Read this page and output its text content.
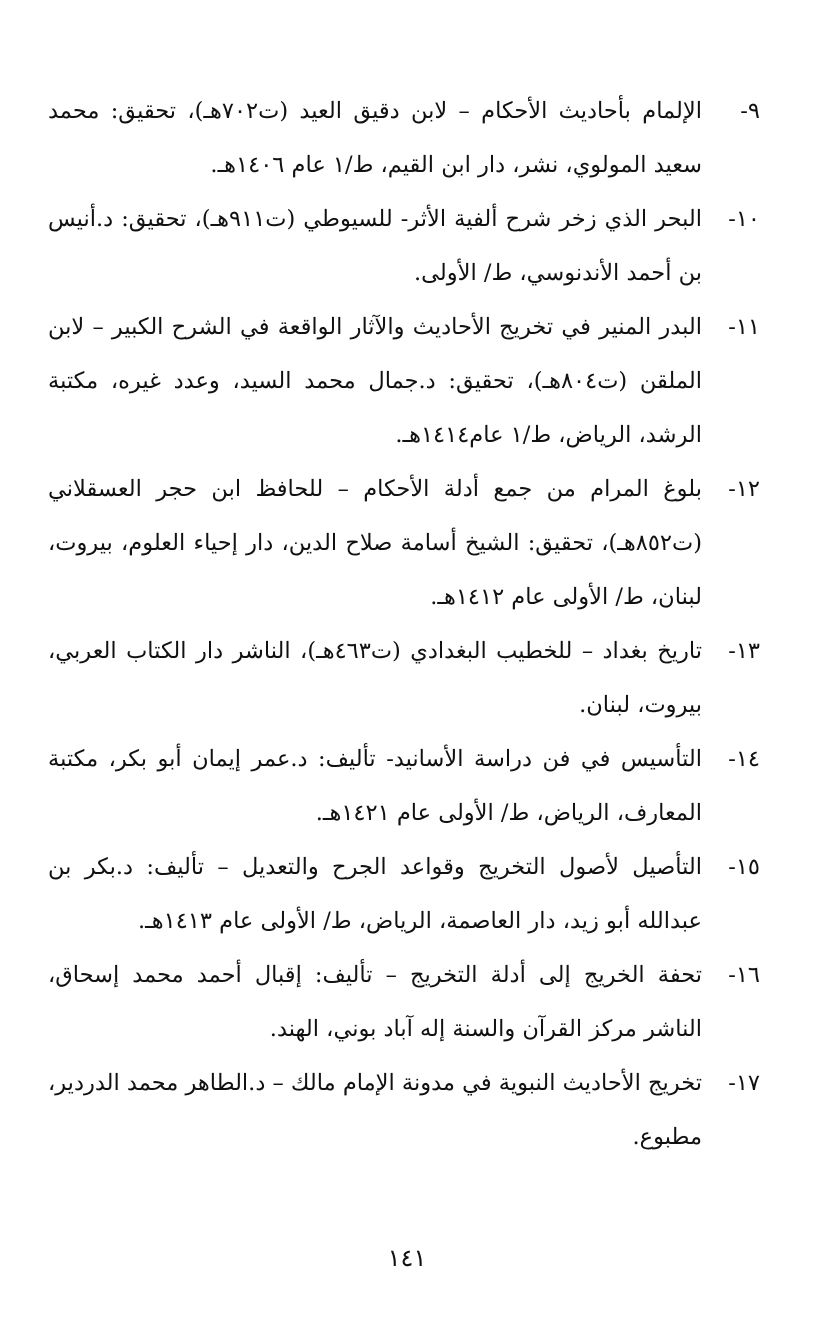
٩-
الإلمام بأحاديث الأحكام – لابن دقيق العيد (ت٧٠٢هـ)، تحقيق: محمد سعيد المولوي، نشر، دار ابن القيم، ط/١ عام ١٤٠٦هـ.
١٠-
البحر الذي زخر شرح ألفية الأثر- للسيوطي (ت٩١١هـ)، تحقيق: د.أنيس بن أحمد الأندنوسي، ط/ الأولى.
١١-
البدر المنير في تخريج الأحاديث والآثار الواقعة في الشرح الكبير – لابن الملقن (ت٨٠٤هـ)، تحقيق: د.جمال محمد السيد، وعدد غيره، مكتبة الرشد، الرياض، ط/١ عام١٤١٤هـ.
١٢-
بلوغ المرام من جمع أدلة الأحكام – للحافظ ابن حجر العسقلاني (ت٨٥٢هـ)، تحقيق: الشيخ أسامة صلاح الدين، دار إحياء العلوم، بيروت، لبنان، ط/ الأولى عام ١٤١٢هـ.
١٣-
تاريخ بغداد – للخطيب البغدادي (ت٤٦٣هـ)، الناشر دار الكتاب العربي، بيروت، لبنان.
١٤-
التأسيس في فن دراسة الأسانيد- تأليف: د.عمر إيمان أبو بكر، مكتبة المعارف، الرياض، ط/ الأولى عام ١٤٢١هـ.
١٥-
التأصيل لأصول التخريج وقواعد الجرح والتعديل – تأليف: د.بكر بن عبدالله أبو زيد، دار العاصمة، الرياض، ط/ الأولى عام ١٤١٣هـ.
١٦-
تحفة الخريج إلى أدلة التخريج – تأليف: إقبال أحمد محمد إسحاق، الناشر مركز القرآن والسنة إله آباد بوني، الهند.
١٧-
تخريج الأحاديث النبوية في مدونة الإمام مالك – د.الطاهر محمد الدردير، مطبوع.
١٤١
